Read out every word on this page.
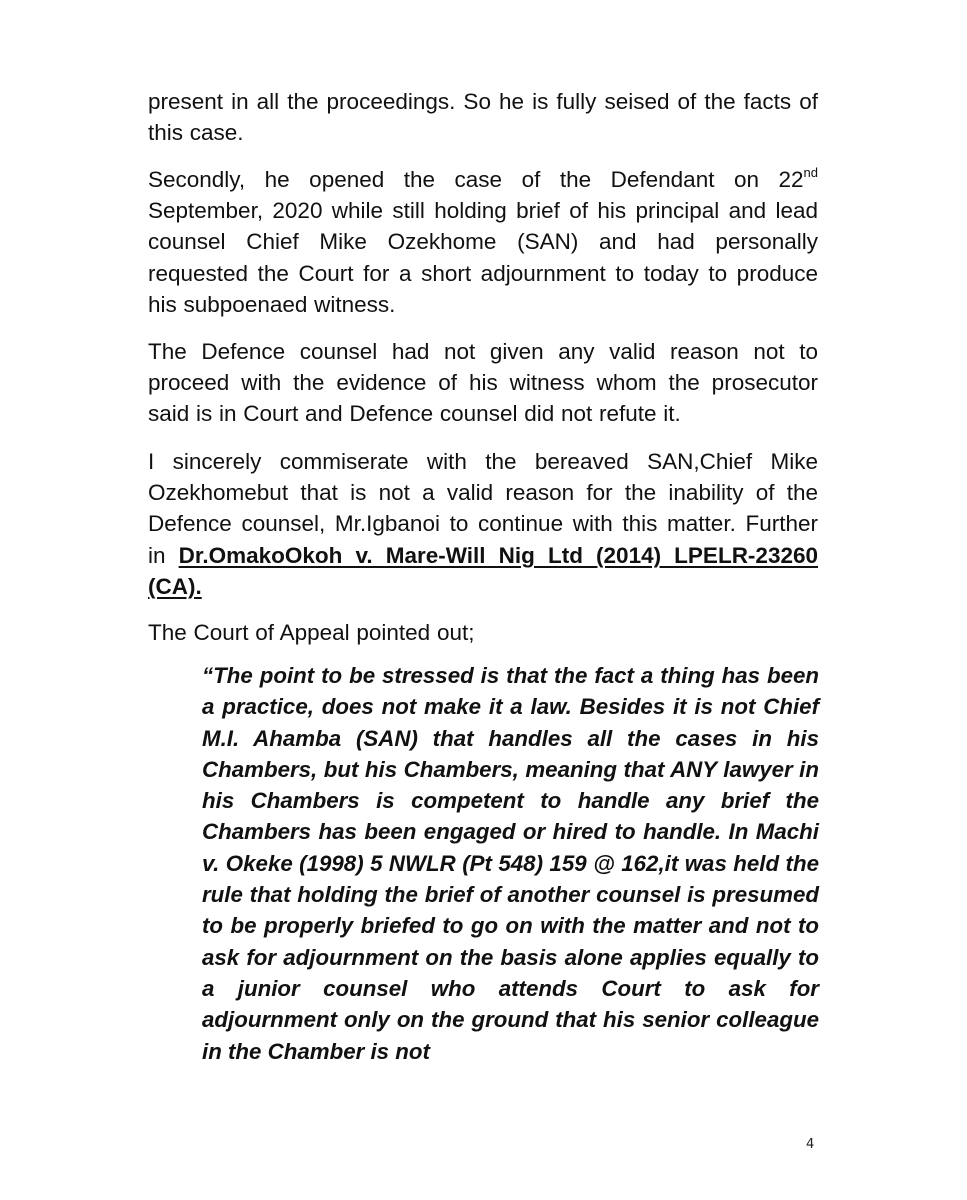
present in all the proceedings. So he is fully seised of the facts of this case.

Secondly, he opened the case of the Defendant on 22nd September, 2020 while still holding brief of his principal and lead counsel Chief Mike Ozekhome (SAN) and had personally requested the Court for a short adjournment to today to produce his subpoenaed witness.

The Defence counsel had not given any valid reason not to proceed with the evidence of his witness whom the prosecutor said is in Court and Defence counsel did not refute it.

I sincerely commiserate with the bereaved SAN,Chief Mike Ozekhomebut that is not a valid reason for the inability of the Defence counsel, Mr.Igbanoi to continue with this matter. Further in Dr.OmakoOkoh v. Mare-Will Nig Ltd (2014) LPELR-23260 (CA).

The Court of Appeal pointed out;

“The point to be stressed is that the fact a thing has been a practice, does not make it a law. Besides it is not Chief M.I. Ahamba (SAN) that handles all the cases in his Chambers, but his Chambers, meaning that ANY lawyer in his Chambers is competent to handle any brief the Chambers has been engaged or hired to handle. In Machi v. Okeke (1998) 5 NWLR (Pt 548) 159 @ 162,it was held the rule that holding the brief of another counsel is presumed to be properly briefed to go on with the matter and not to ask for adjournment on the basis alone applies equally to a junior counsel who attends Court to ask for adjournment only on the ground that his senior colleague in the Chamber is not

4
